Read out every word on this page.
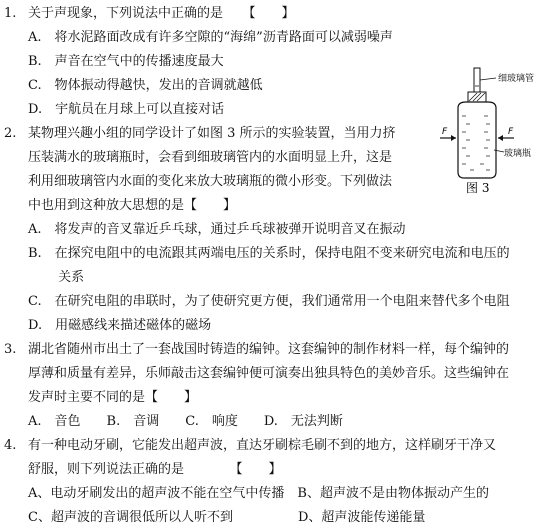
1. 关于声现象，下列说法中正确的是　　【　　】
A.　将水泥路面改成有许多空隙的“海绵”沥青路面可以减弱噪声
B.　声音在空气中的传播速度最大
C.　物体振动得越快，发出的音调就越低
D.　宇航员在月球上可以直接对话
2. 某物理兴趣小组的同学设计了如图 3 所示的实验装置，当用力挤
压装满水的玻璃瓶时，会看到细玻璃管内的水面明显上升，这是
利用细玻璃管内水面的变化来放大玻璃瓶的微小形变。下列做法
中也用到这种放大思想的是【　　】
A.　将发声的音叉靠近乒乓球，通过乒乓球被弹开说明音叉在振动
B.　在探究电阻中的电流跟其两端电压的关系时，保持电阻不变来研究电流和电压的
　　 关系
C.　在研究电阻的串联时，为了使研究更方便，我们通常用一个电阻来替代多个电阻
D.　用磁感线来描述磁体的磁场
3. 湖北省随州市出土了一套战国时铸造的编钟。这套编钟的制作材料一样，每个编钟的
厚薄和质量有差异，乐师敲击这套编钟便可演奏出独具特色的美妙音乐。这些编钟在
发声时主要不同的是【　　】
A.　音色　　B.　音调　　C.　响度　　D.　无法判断
4. 有一种电动牙刷，它能发出超声波，直达牙刷棕毛刷不到的地方，这样刷牙干净又
舒服，则下列说法正确的是　　　　【　　】
A、电动牙刷发出的超声波不能在空气中传播　B、超声波不是由物体振动产生的
C、超声波的音调很低所以人听不到　　　　　D、超声波能传递能量
细玻璃管
F	F
玻璃瓶
图 3
